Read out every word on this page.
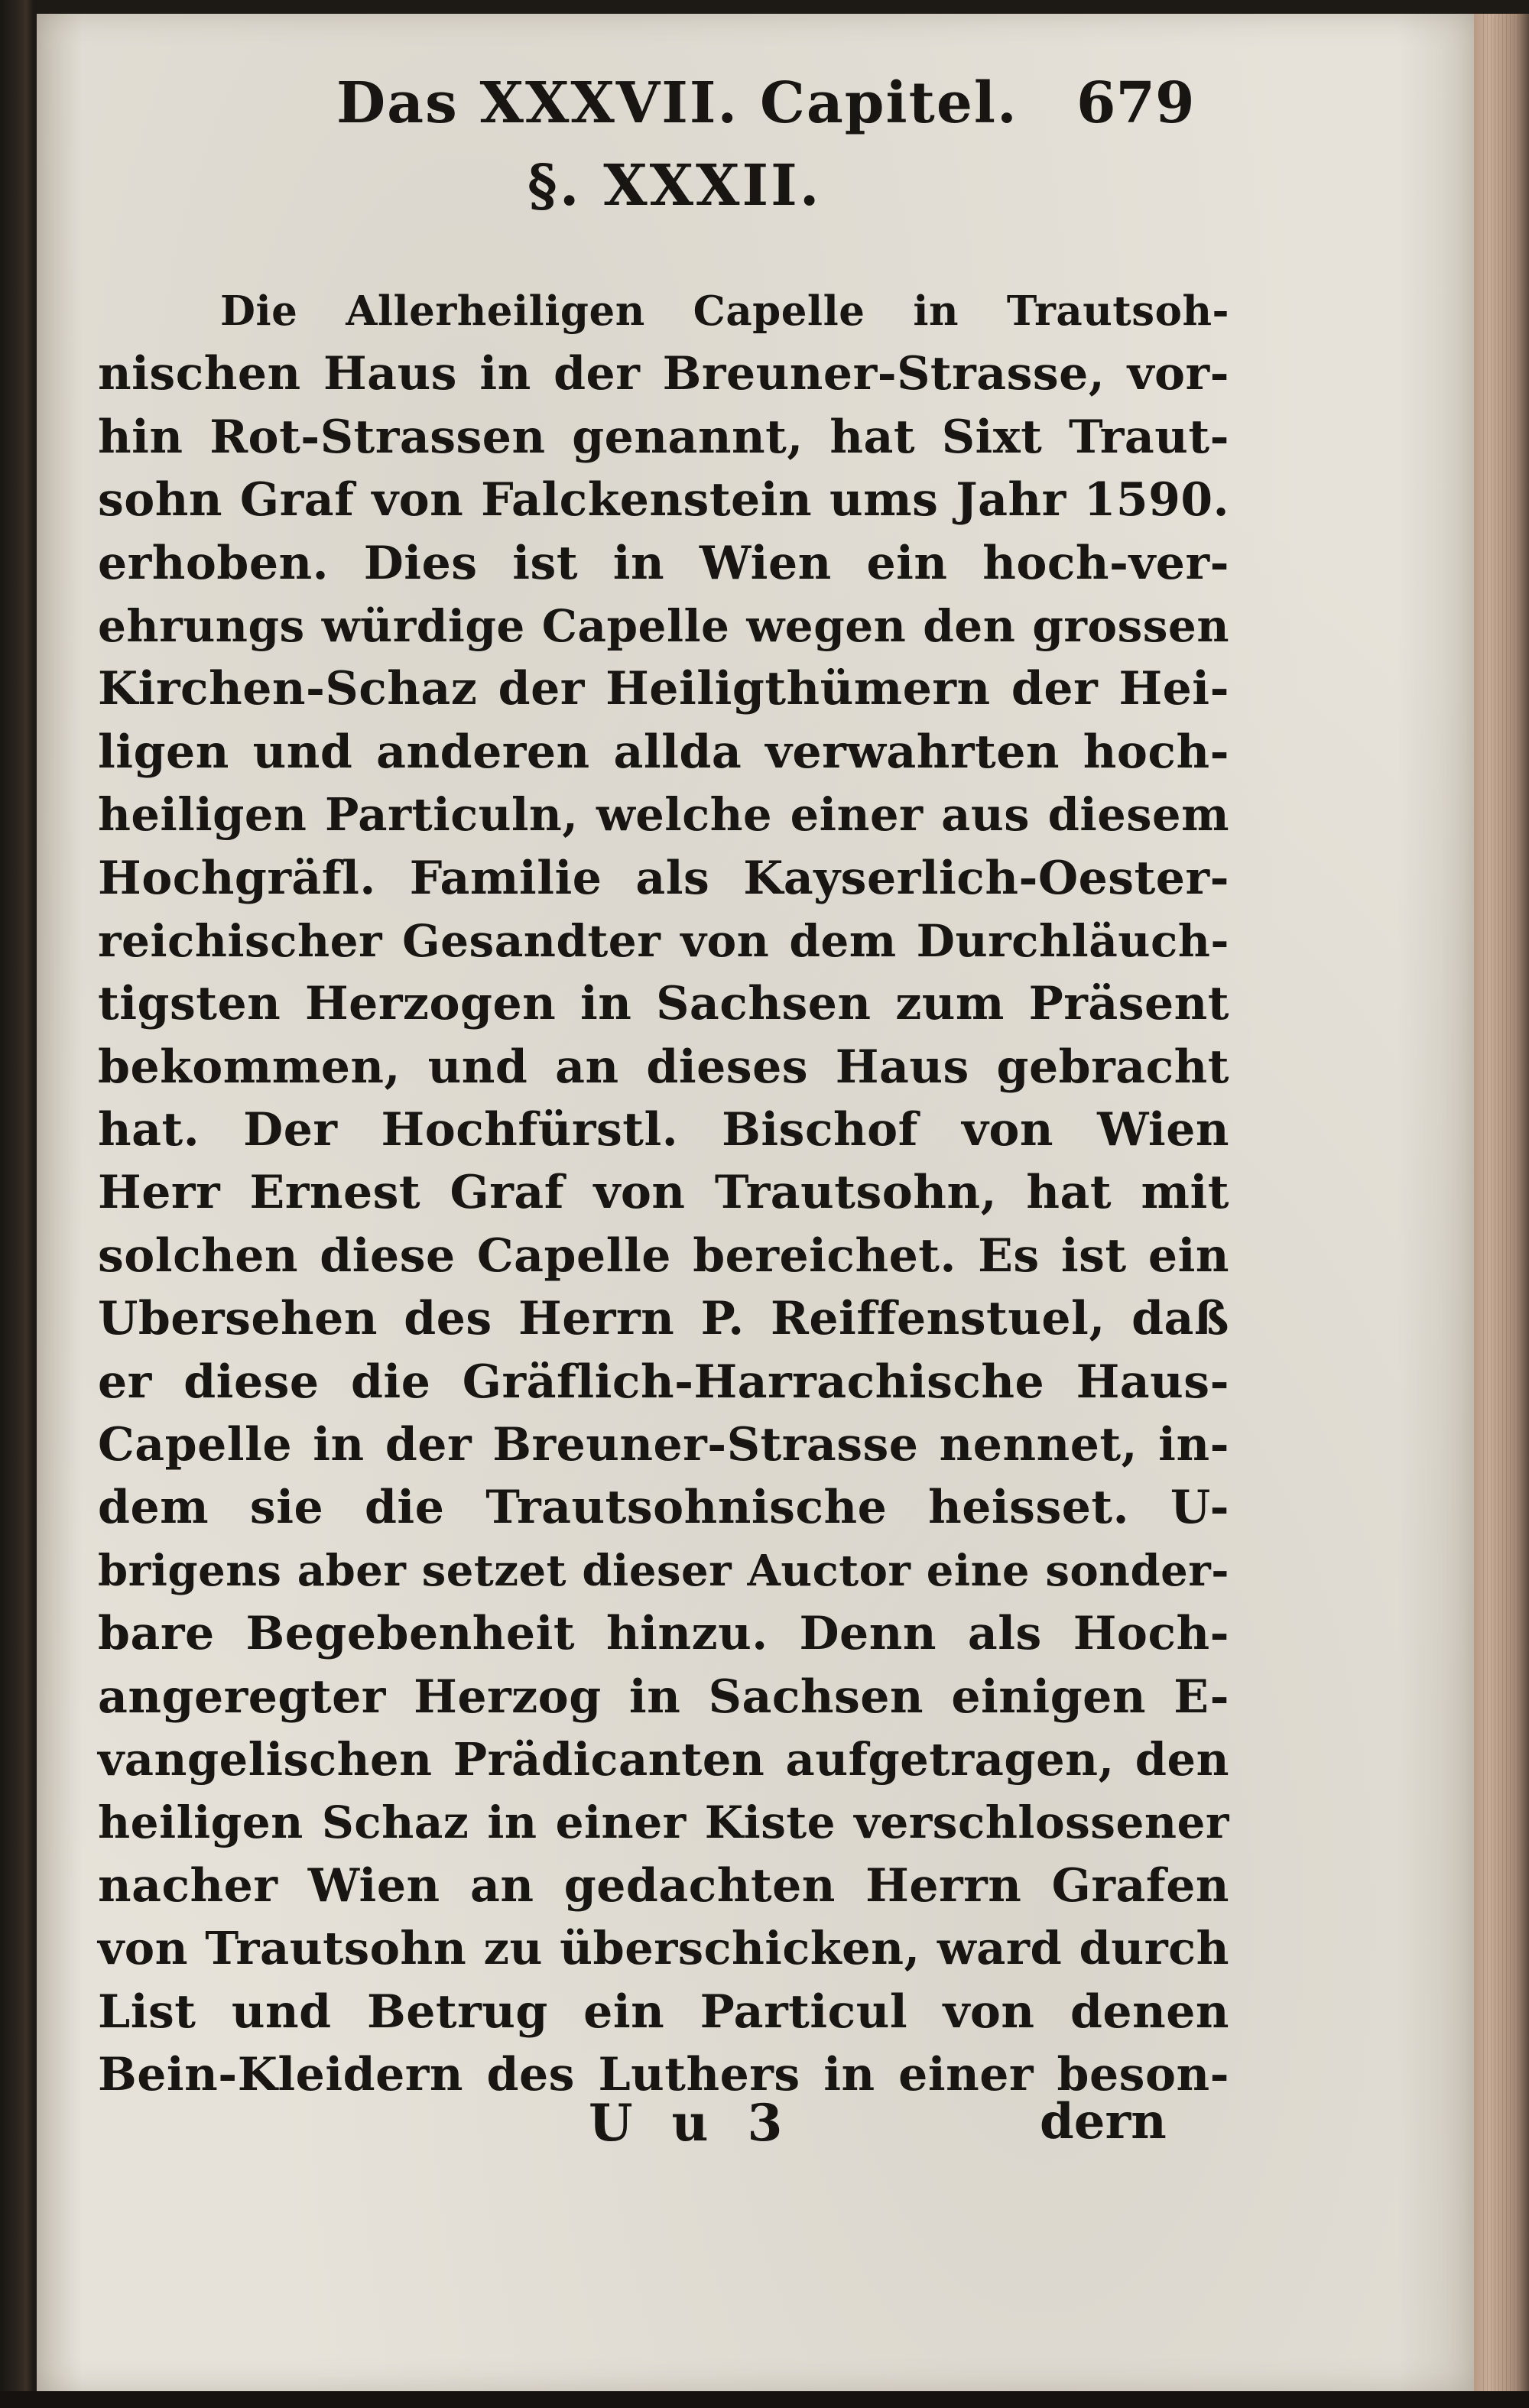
Das XXXVII. Capitel. 679
§. XXXII.
Die Allerheiligen Capelle in Trautsoh-
nischen Haus in der Breuner-Strasse, vor-
hin Rot-Strassen genannt, hat Sixt Traut-
sohn Graf von Falckenstein ums Jahr 1590.
erhoben. Dies ist in Wien ein hoch-ver-
ehrungs würdige Capelle wegen den grossen
Kirchen-Schaz der Heiligthümern der Hei-
ligen und anderen allda verwahrten hoch-
heiligen Particuln, welche einer aus diesem
Hochgräfl. Familie als Kayserlich-Oester-
reichischer Gesandter von dem Durchläuch-
tigsten Herzogen in Sachsen zum Präsent
bekommen, und an dieses Haus gebracht
hat. Der Hochfürstl. Bischof von Wien
Herr Ernest Graf von Trautsohn, hat mit
solchen diese Capelle bereichet. Es ist ein
Ubersehen des Herrn P. Reiffenstuel, daß
er diese die Gräflich-Harrachische Haus-
Capelle in der Breuner-Strasse nennet, in-
dem sie die Trautsohnische heisset. U-
brigens aber setzet dieser Auctor eine sonder-
bare Begebenheit hinzu. Denn als Hoch-
angeregter Herzog in Sachsen einigen E-
vangelischen Prädicanten aufgetragen, den
heiligen Schaz in einer Kiste verschlossener
nacher Wien an gedachten Herrn Grafen
von Trautsohn zu überschicken, ward durch
List und Betrug ein Particul von denen
Bein-Kleidern des Luthers in einer beson-
U u 3	dern
